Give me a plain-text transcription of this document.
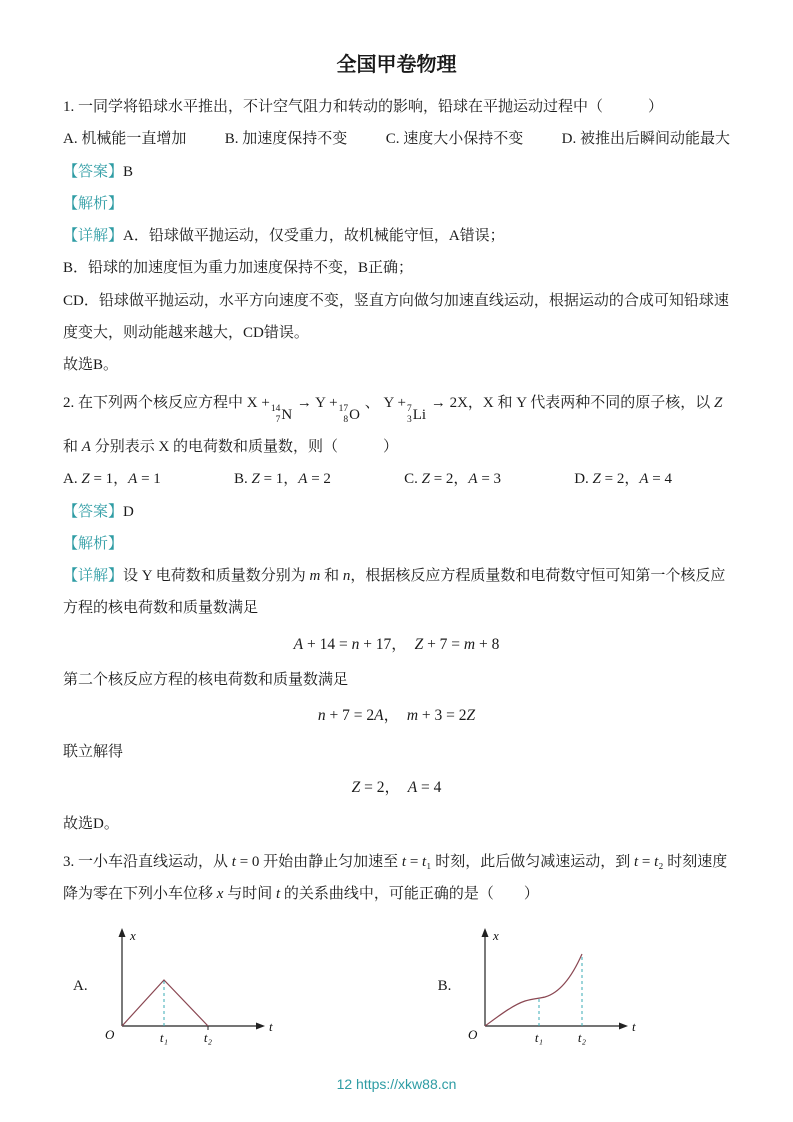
全国甲卷物理

1. 一同学将铅球水平推出，不计空气阻力和转动的影响，铅球在平抛运动过程中（　　　）

A. 机械能一直增加	B. 加速度保持不变	C. 速度大小保持不变	D. 被推出后瞬间动能最大

【答案】B

【解析】

【详解】A．铅球做平抛运动，仅受重力，故机械能守恒，A错误；

B．铅球的加速度恒为重力加速度保持不变，B正确；

CD．铅球做平抛运动，水平方向速度不变，竖直方向做匀加速直线运动，根据运动的合成可知铅球速度变大，则动能越来越大，CD错误。

故选B。

2. 在下列两个核反应方程中 X + 14
7 N
→ Y + 17
8 O
、 Y + 7
3 Li
→ 2X，X 和 Y 代表两种不同的原子核，以 Z 和 A 分别表示 X 的电荷数和质量数，则（　　　）

A. Z = 1，A = 1	B. Z = 1，A = 2	C. Z = 2，A = 3	D. Z = 2，A = 4

【答案】D

【解析】

【详解】设 Y 电荷数和质量数分别为 m 和 n，根据核反应方程质量数和电荷数守恒可知第一个核反应方程的核电荷数和质量数满足

A + 14 = n + 17，　Z + 7 = m + 8

第二个核反应方程的核电荷数和质量数满足

n + 7 = 2A，　m + 3 = 2Z

联立解得

Z = 2，　A = 4

故选D。

3. 一小车沿直线运动，从 t = 0 开始由静止匀加速至 t = t₁ 时刻，此后做匀减速运动，到 t = t₂ 时刻速度降为零在下列小车位移 x 与时间 t 的关系曲线中，可能正确的是（　　）

A.
x
t
O	t₁	t₂
B.
x
t
O	t₁	t₂
12 https://xkw88.cn
